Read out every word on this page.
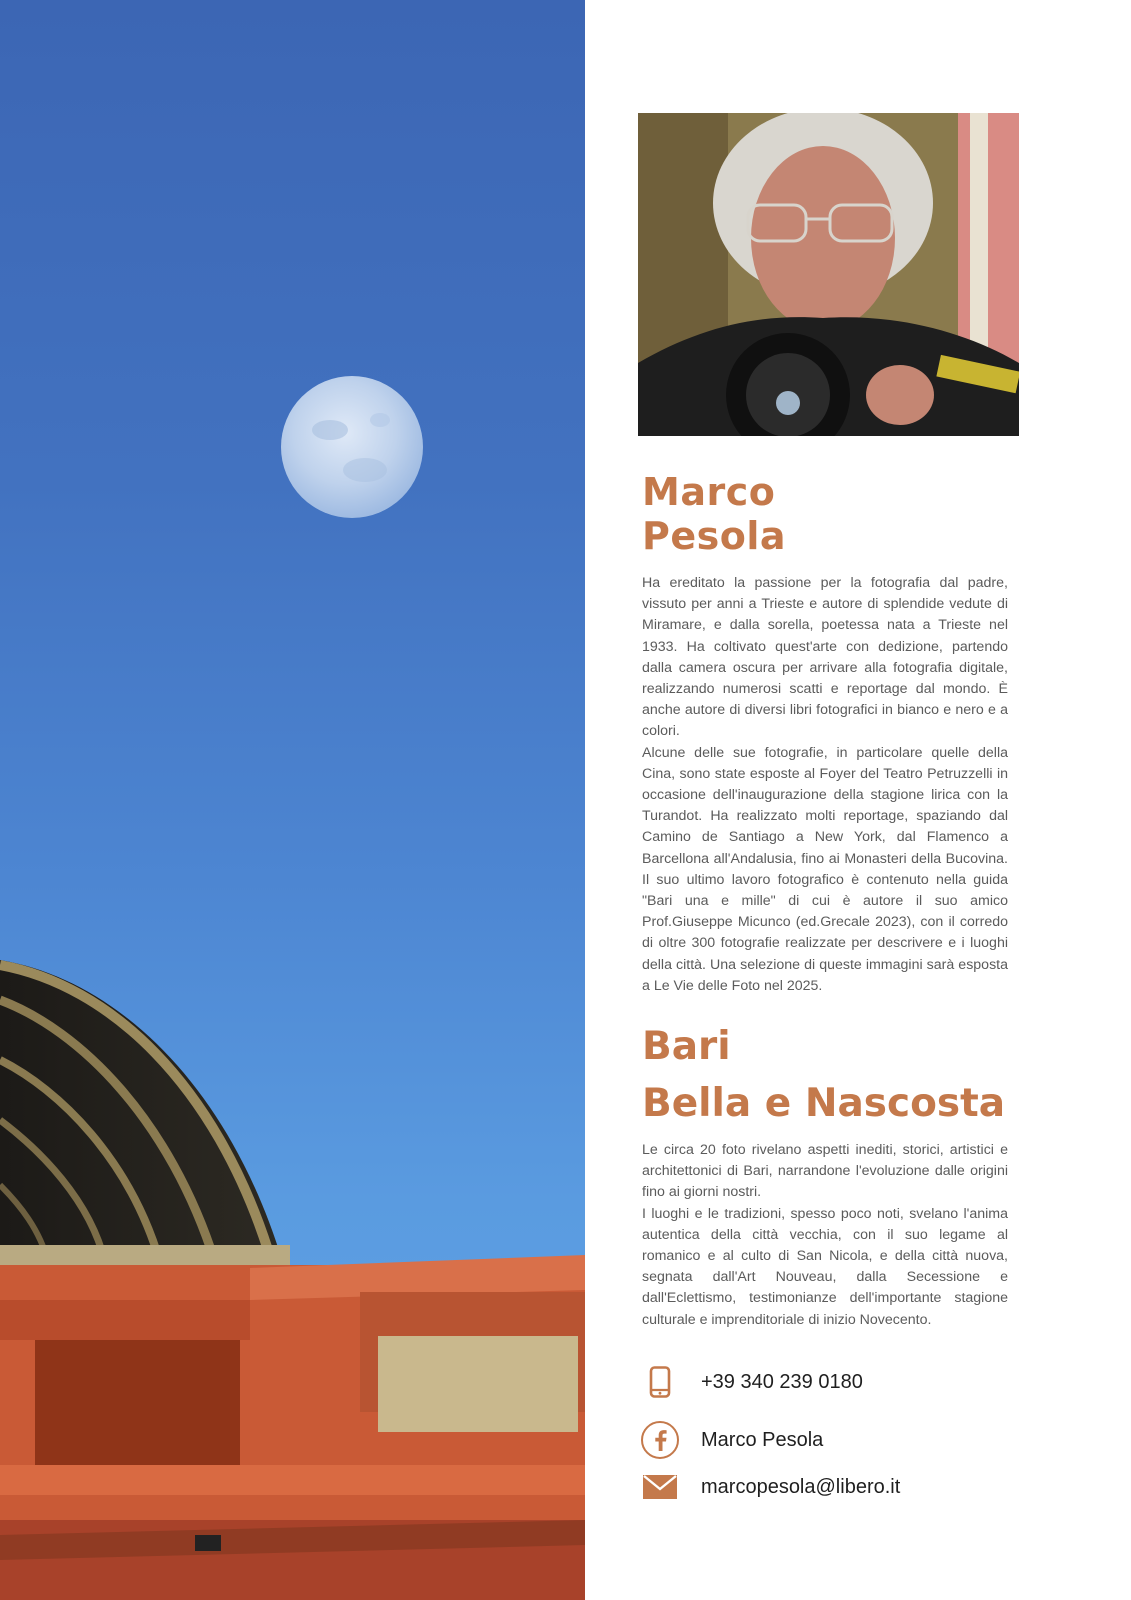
Marco
Pesola

Ha ereditato la passione per la fotografia dal padre, vissuto per anni a Trieste e autore di splendide vedute di Miramare, e dalla sorella, poetessa nata a Trieste nel 1933. Ha coltivato quest'arte con dedizione, partendo dalla camera oscura per arrivare alla fotografia digitale, realizzando numerosi scatti e reportage dal mondo. È anche autore di diversi libri fotografici in bianco e nero e a colori.

Alcune delle sue fotografie, in particolare quelle della Cina, sono state esposte al Foyer del Teatro Petruzzelli in occasione dell'inaugurazione della stagione lirica con la Turandot. Ha realizzato molti reportage, spaziando dal Camino de Santiago a New York, dal Flamenco a Barcellona all'Andalusia, fino ai Monasteri della Bucovina. Il suo ultimo lavoro fotografico è contenuto nella guida "Bari una e mille" di cui è autore il suo amico Prof.Giuseppe Micunco (ed.Grecale 2023), con il corredo di oltre 300 fotografie realizzate per descrivere e i luoghi della città. Una selezione di queste immagini sarà esposta a Le Vie delle Foto nel 2025.

Bari
Bella e Nascosta

Le circa 20 foto rivelano aspetti inediti, storici, artistici e architettonici di Bari, narrandone l'evoluzione dalle origini fino ai giorni nostri.

I luoghi e le tradizioni, spesso poco noti, svelano l'anima autentica della città vecchia, con il suo legame al romanico e al culto di San Nicola, e della città nuova, segnata dall'Art Nouveau, dalla Secessione e dall'Eclettismo, testimonianze dell'importante stagione culturale e imprenditoriale di inizio Novecento.

+39 340 239 0180
Marco Pesola
marcopesola@libero.it
